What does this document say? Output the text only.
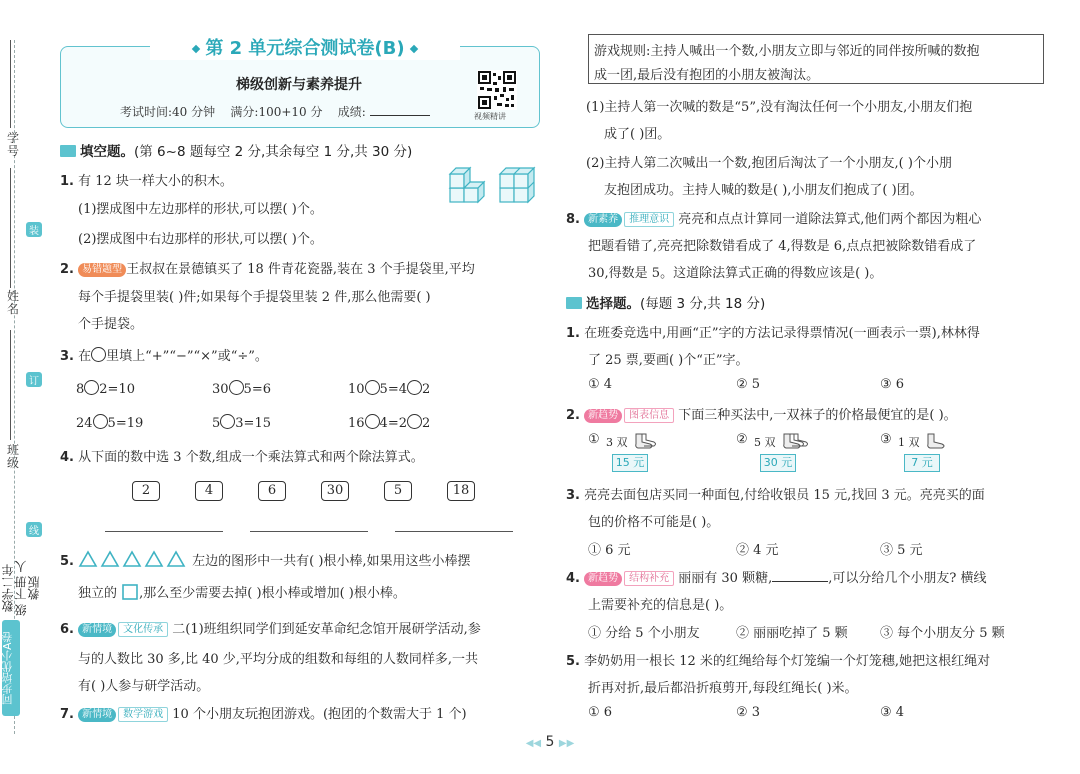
学号
姓名
班级
装
订
线
数学二年级 下册 人教版
同步培优小A卷
第 2 单元综合测试卷(B)
梯级创新与素养提升
考试时间:40 分钟 满分:100+10 分 成绩:	视频精讲
填空题。(第 6~8 题每空 2 分,其余每空 1 分,共 30 分)
1. 有 12 块一样大小的积木。
(1)摆成图中左边那样的形状,可以摆( )个。
(2)摆成图中右边那样的形状,可以摆( )个。
2. 易错题型 王叔叔在景德镇买了 18 件青花瓷器,装在 3 个手提袋里,平均
每个手提袋里装( )件;如果每个手提袋里装 2 件,那么他需要( )
个手提袋。
3. 在 里填上“+”“−”“×”或“÷”。
8 2=10	30 5=6	10 5=4 2
24 5=19	5 3=15	16 4=2 2
4. 从下面的数中选 3 个数,组成一个乘法算式和两个除法算式。
2	4	6	30	5	18
5.	左边的图形中一共有( )根小棒,如果用这些小棒摆
独立的 ,那么至少需要去掉( )根小棒或增加( )根小棒。
6. 新情境 文化传承 二(1)班组织同学们到延安革命纪念馆开展研学活动,参
与的人数比 30 多,比 40 少,平均分成的组数和每组的人数同样多,一共
有( )人参与研学活动。
7. 新情境 数学游戏 10 个小朋友玩抱团游戏。(抱团的个数需大于 1 个)
游戏规则:主持人喊出一个数,小朋友立即与邻近的同伴按所喊的数抱
成一团,最后没有抱团的小朋友被淘汰。
(1)主持人第一次喊的数是“5”,没有淘汰任何一个小朋友,小朋友们抱
成了( )团。
(2)主持人第二次喊出一个数,抱团后淘汰了一个小朋友,( )个小朋
友抱团成功。主持人喊的数是( ),小朋友们抱成了( )团。
8. 新素养 推理意识 亮亮和点点计算同一道除法算式,他们两个都因为粗心
把题看错了,亮亮把除数错看成了 4,得数是 6,点点把被除数错看成了
30,得数是 5。这道除法算式正确的得数应该是( )。
选择题。(每题 3 分,共 18 分)
1. 在班委竞选中,用画“正”字的方法记录得票情况(一画表示一票),林林得
了 25 票,要画( )个“正”字。
① 4	② 5	③ 6
2. 新趋势 图表信息 下面三种买法中,一双袜子的价格最便宜的是( )。
① 3 双
15 元
② 5 双
30 元
③ 1 双
7 元
3. 亮亮去面包店买同一种面包,付给收银员 15 元,找回 3 元。亮亮买的面
包的价格不可能是( )。
① 6 元	② 4 元	③ 5 元
4. 新趋势 结构补充 丽丽有 30 颗糖,	,可以分给几个小朋友? 横线
上需要补充的信息是( )。
① 分给 5 个小朋友	② 丽丽吃掉了 5 颗 ③ 每个小朋友分 5 颗
5. 李奶奶用一根长 12 米的红绳给每个灯笼编一个灯笼穗,她把这根红绳对
折再对折,最后都沿折痕剪开,每段红绳长( )米。
① 6	② 3	③ 4
◀◀ 5 ▶▶
